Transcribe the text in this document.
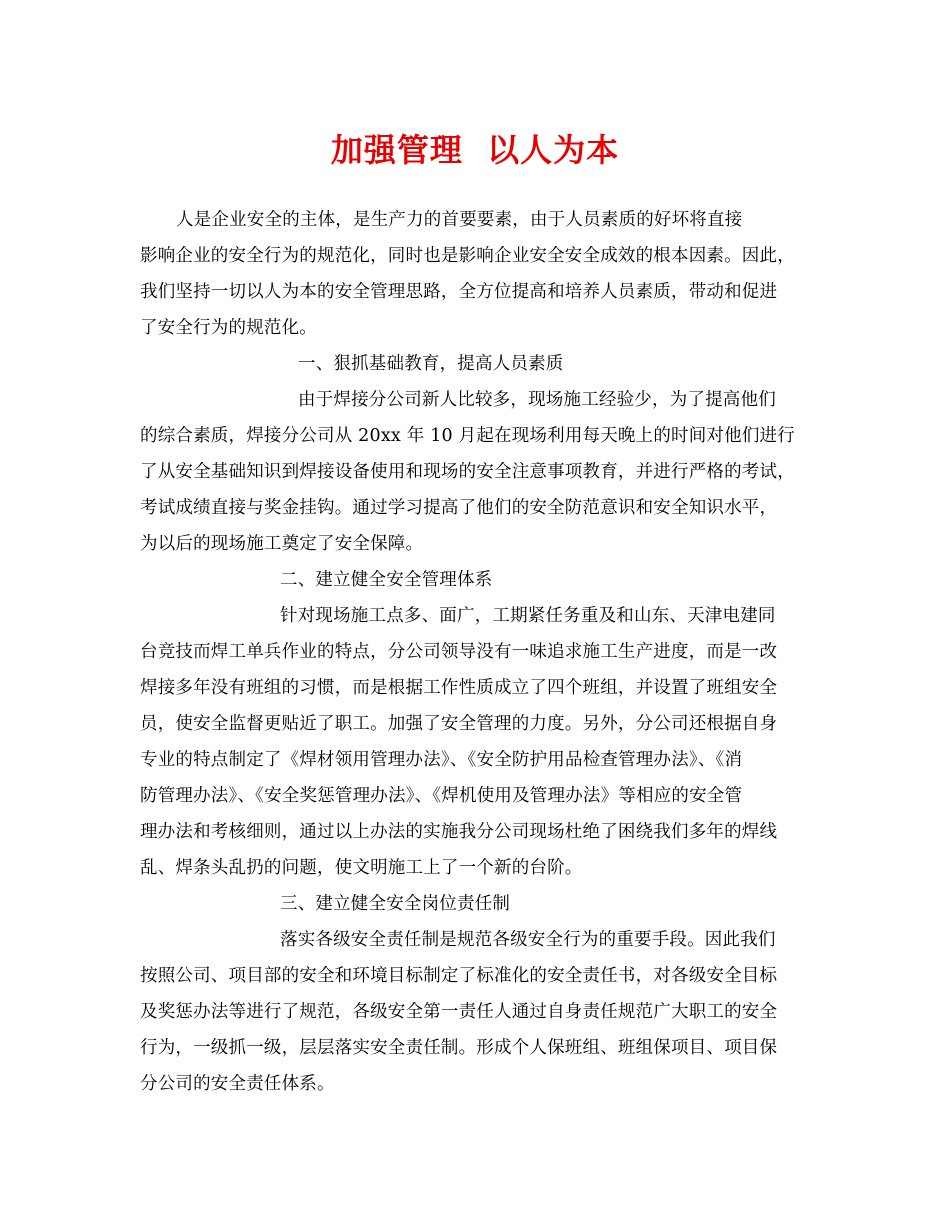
加强管理  以人为本
人是企业安全的主体，是生产力的首要要素，由于人员素质的好坏将直接
影响企业的安全行为的规范化，同时也是影响企业安全安全成效的根本因素。因此，
我们坚持一切以人为本的安全管理思路，全方位提高和培养人员素质，带动和促进
了安全行为的规范化。
一、狠抓基础教育，提高人员素质
由于焊接分公司新人比较多，现场施工经验少，为了提高他们
的综合素质，焊接分公司从 20xx 年 10 月起在现场利用每天晚上的时间对他们进行
了从安全基础知识到焊接设备使用和现场的安全注意事项教育，并进行严格的考试，
考试成绩直接与奖金挂钩。通过学习提高了他们的安全防范意识和安全知识水平，
为以后的现场施工奠定了安全保障。
二、建立健全安全管理体系
针对现场施工点多、面广，工期紧任务重及和山东、天津电建同
台竞技而焊工单兵作业的特点，分公司领导没有一味追求施工生产进度，而是一改
焊接多年没有班组的习惯，而是根据工作性质成立了四个班组，并设置了班组安全
员，使安全监督更贴近了职工。加强了安全管理的力度。另外，分公司还根据自身
专业的特点制定了《焊材领用管理办法》、《安全防护用品检查管理办法》、《消
防管理办法》、《安全奖惩管理办法》、《焊机使用及管理办法》等相应的安全管
理办法和考核细则，通过以上办法的实施我分公司现场杜绝了困绕我们多年的焊线
乱、焊条头乱扔的问题，使文明施工上了一个新的台阶。
三、建立健全安全岗位责任制
落实各级安全责任制是规范各级安全行为的重要手段。因此我们
按照公司、项目部的安全和环境目标制定了标准化的安全责任书，对各级安全目标
及奖惩办法等进行了规范，各级安全第一责任人通过自身责任规范广大职工的安全
行为，一级抓一级，层层落实安全责任制。形成个人保班组、班组保项目、项目保
分公司的安全责任体系。
